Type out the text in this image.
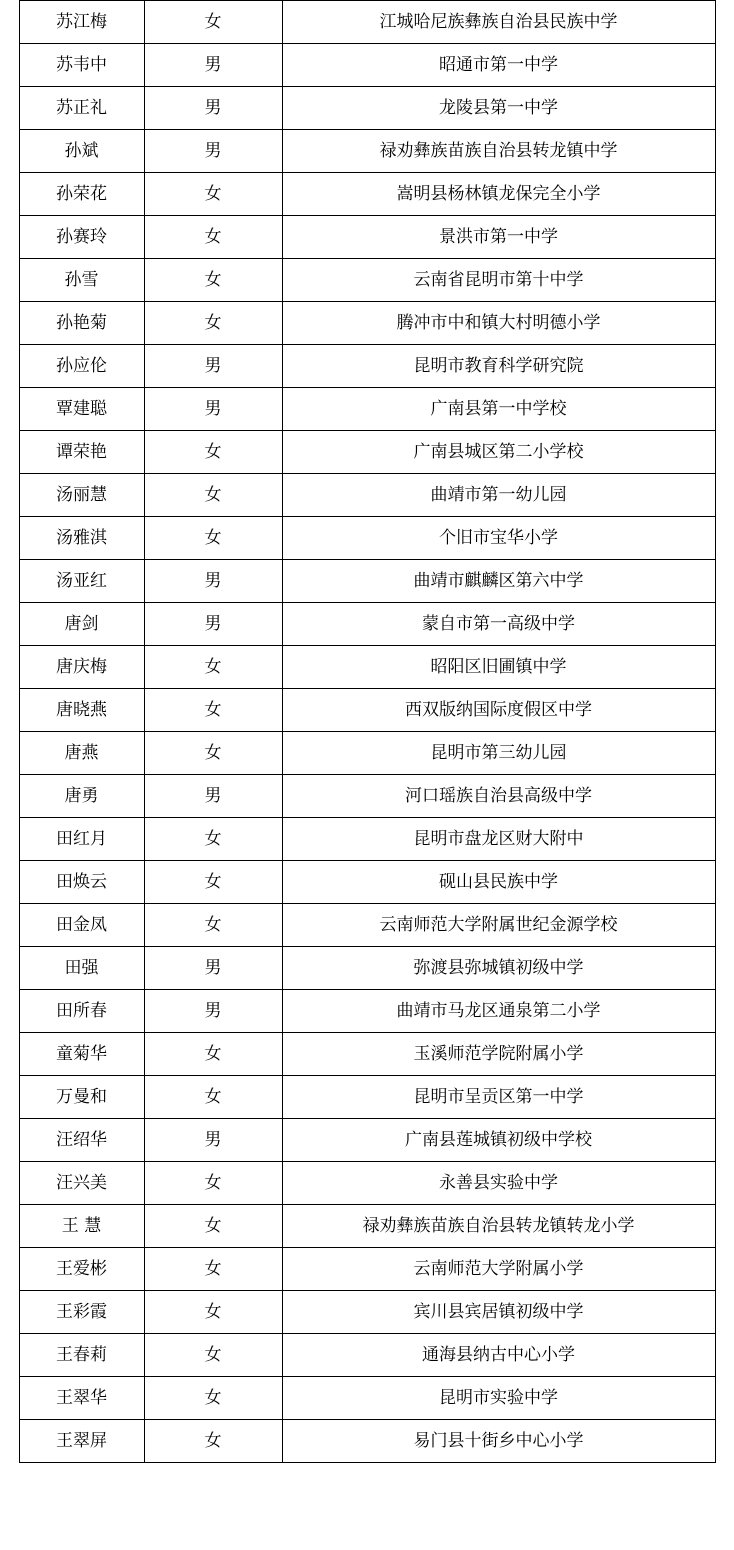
苏江梅	女	江城哈尼族彝族自治县民族中学
苏韦中	男	昭通市第一中学
苏正礼	男	龙陵县第一中学
孙斌	男	禄劝彝族苗族自治县转龙镇中学
孙荣花	女	嵩明县杨林镇龙保完全小学
孙赛玲	女	景洪市第一中学
孙雪	女	云南省昆明市第十中学
孙艳菊	女	腾冲市中和镇大村明德小学
孙应伦	男	昆明市教育科学研究院
覃建聪	男	广南县第一中学校
谭荣艳	女	广南县城区第二小学校
汤丽慧	女	曲靖市第一幼儿园
汤雅淇	女	个旧市宝华小学
汤亚红	男	曲靖市麒麟区第六中学
唐剑	男	蒙自市第一高级中学
唐庆梅	女	昭阳区旧圃镇中学
唐晓燕	女	西双版纳国际度假区中学
唐燕	女	昆明市第三幼儿园
唐勇	男	河口瑶族自治县高级中学
田红月	女	昆明市盘龙区财大附中
田焕云	女	砚山县民族中学
田金凤	女	云南师范大学附属世纪金源学校
田强	男	弥渡县弥城镇初级中学
田所春	男	曲靖市马龙区通泉第二小学
童菊华	女	玉溪师范学院附属小学
万曼和	女	昆明市呈贡区第一中学
汪绍华	男	广南县莲城镇初级中学校
汪兴美	女	永善县实验中学
王 慧	女	禄劝彝族苗族自治县转龙镇转龙小学
王爱彬	女	云南师范大学附属小学
王彩霞	女	宾川县宾居镇初级中学
王春莉	女	通海县纳古中心小学
王翠华	女	昆明市实验中学
王翠屏	女	易门县十街乡中心小学
